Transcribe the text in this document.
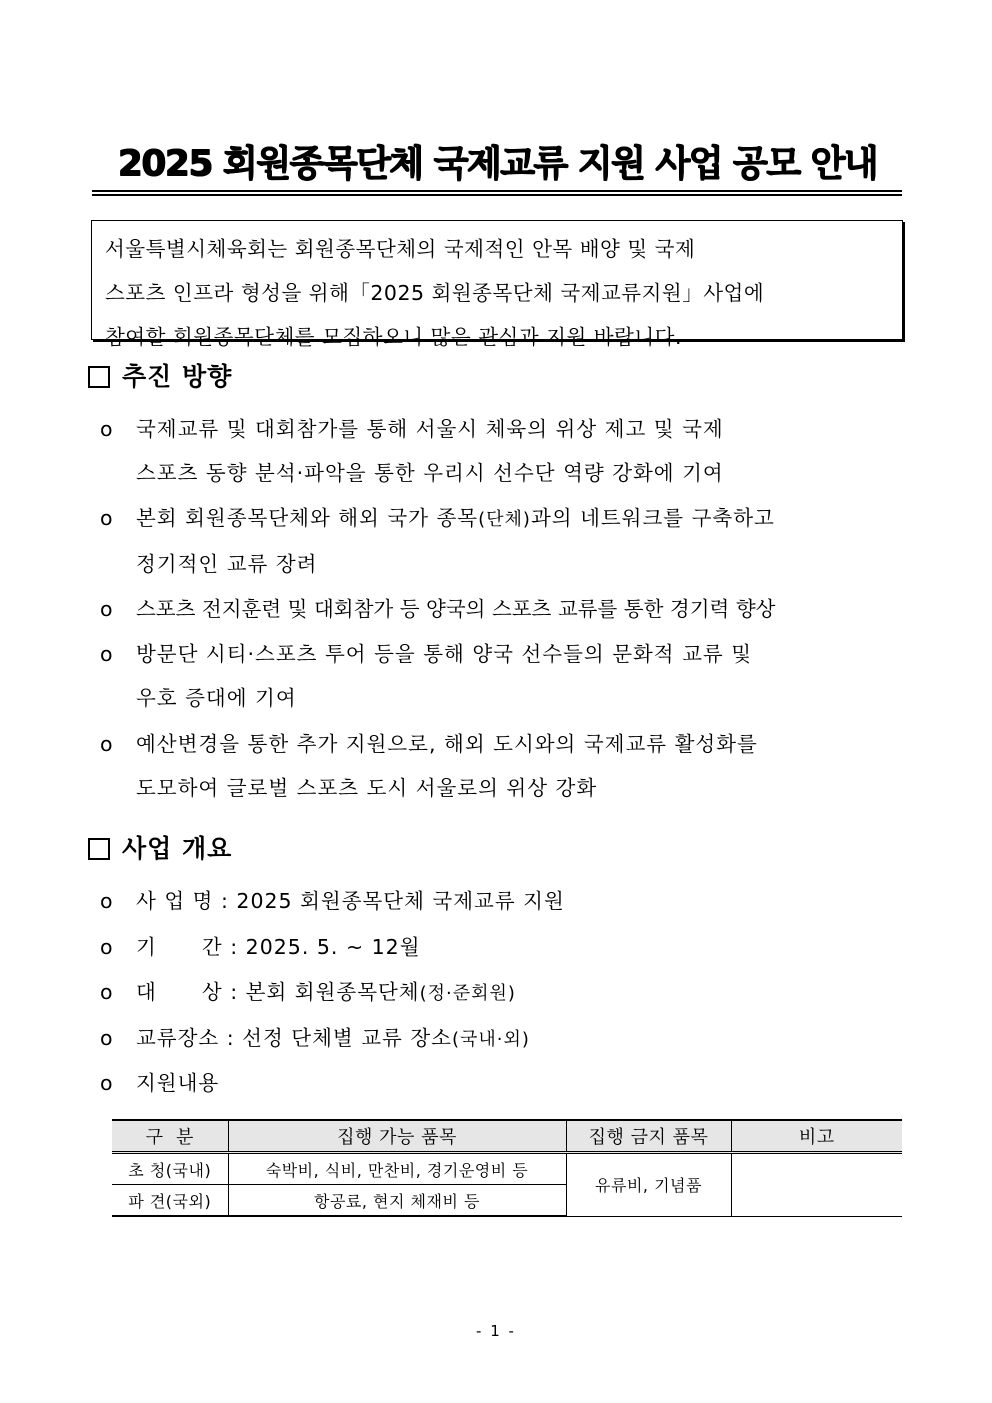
2025 회원종목단체 국제교류 지원 사업 공모 안내
서울특별시체육회는 회원종목단체의 국제적인 안목 배양 및 국제
스포츠 인프라 형성을 위해「2025 회원종목단체 국제교류지원」사업에
참여할 회원종목단체를 모집하오니 많은 관심과 지원 바랍니다.
추진 방향
o	국제교류 및 대회참가를 통해 서울시 체육의 위상 제고 및 국제
스포츠 동향 분석·파악을 통한 우리시 선수단 역량 강화에 기여
o	본회 회원종목단체와 해외 국가 종목(단체)과의 네트워크를 구축하고
정기적인 교류 장려
o	스포츠 전지훈련 및 대회참가 등 양국의 스포츠 교류를 통한 경기력 향상
o	방문단 시티·스포츠 투어 등을 통해 양국 선수들의 문화적 교류 및
우호 증대에 기여
o	예산변경을 통한 추가 지원으로, 해외 도시와의 국제교류 활성화를
도모하여 글로벌 스포츠 도시 서울로의 위상 강화
사업 개요
o 사 업 명 : 2025 회원종목단체 국제교류 지원
o 기      간 : 2025. 5. ~ 12월
o 대      상 : 본회 회원종목단체(정·준회원)
o 교류장소 : 선정 단체별 교류 장소(국내·외)
o 지원내용
구  분	집행 가능 품목	집행 금지 품목	비고
초 청(국내)	숙박비, 식비, 만찬비, 경기운영비 등	유류비, 기념품	
파 견(국외)	항공료, 현지 체재비 등		
- 1 -
